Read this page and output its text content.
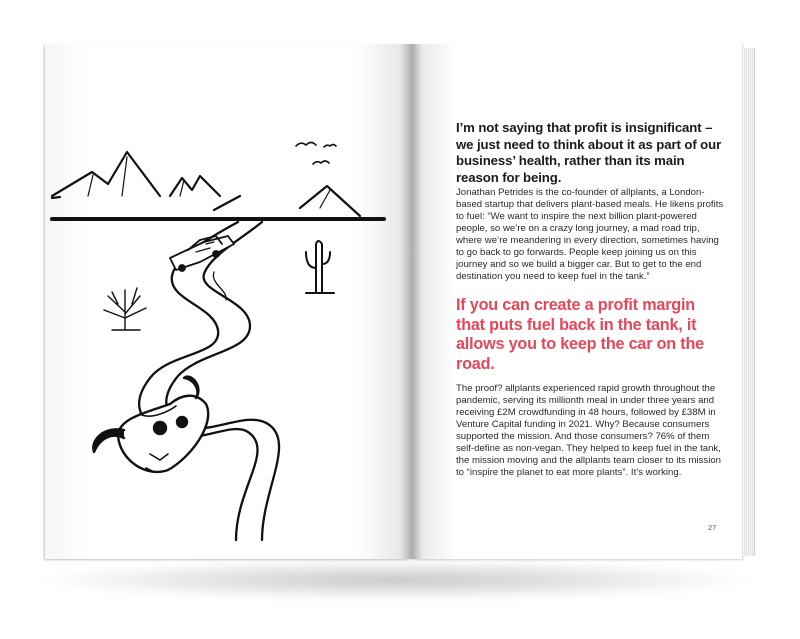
I’m not saying that profit is insignificant – we just need to think about it as part of our business’ health, rather than its main reason for being.

Jonathan Petrides is the co-founder of allplants, a London-based startup that delivers plant-based meals. He likens profits to fuel: “We want to inspire the next billion plant-powered people, so we’re on a crazy long journey, a mad road trip, where we’re meandering in every direction, sometimes having to go back to go forwards. People keep joining us on this journey and so we build a bigger car. But to get to the end destination you need to keep fuel in the tank.”

If you can create a profit margin that puts fuel back in the tank, it allows you to keep the car on the road.

The proof? allplants experienced rapid growth throughout the pandemic, serving its millionth meal in under three years and receiving £2M crowdfunding in 48 hours, followed by £38M in Venture Capital funding in 2021. Why? Because consumers supported the mission. And those consumers? 76% of them self-define as non-vegan. They helped to keep fuel in the tank, the mission moving and the allplants team closer to its mission to “inspire the planet to eat more plants”. It’s working.

27
